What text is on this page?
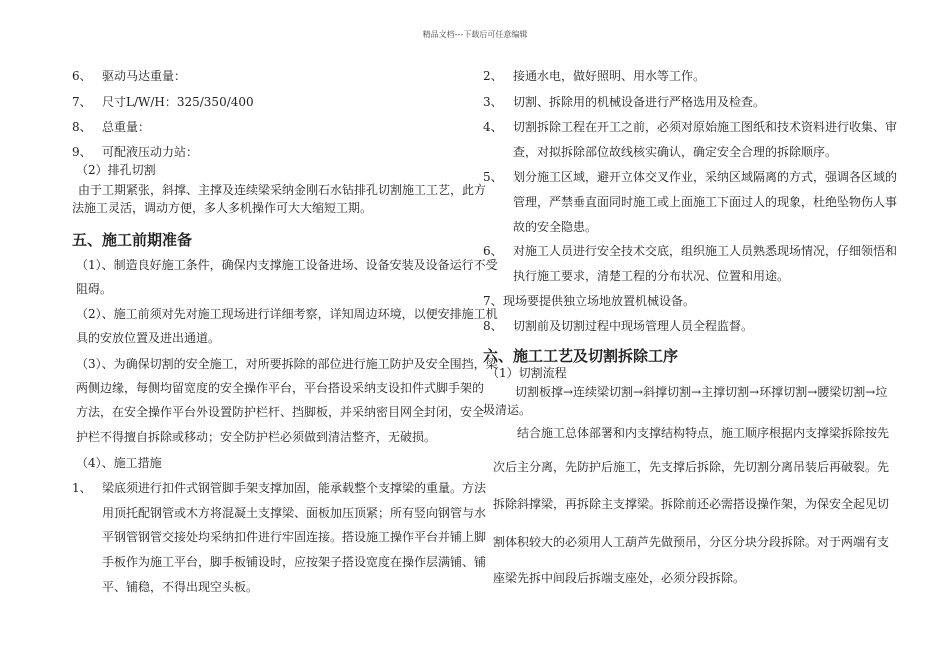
精品文档---下载后可任意编辑
6、 驱动马达重量：
7、 尺寸L/W/H：325/350/400
8、 总重量：
9、 可配液压动力站：
（2）排孔切割
由于工期紧张，斜撑、主撑及连续梁采纳金刚石水钻排孔切割施工工艺，此方
法施工灵活，调动方便，多人多机操作可大大缩短工期。
五、施工前期准备
（1）、制造良好施工条件，确保内支撑施工设备进场、设备安装及设备运行不受
阻碍。
（2）、施工前须对先对施工现场进行详细考察，详知周边环境，以便安排施工机
具的安放位置及进出通道。
（3）、为确保切割的安全施工，对所要拆除的部位进行施工防护及安全围挡，梁
两侧边缘，每侧均留宽度的安全操作平台，平台搭设采纳支设扣件式脚手架的
方法，在安全操作平台外设置防护栏杆、挡脚板，并采纳密目网全封闭，安全
护栏不得擅自拆除或移动；安全防护栏必须做到清洁整齐，无破损。
（4）、施工措施
1、 梁底须进行扣件式钢管脚手架支撑加固，能承载整个支撑梁的重量。方法
用顶托配钢管或木方将混凝土支撑梁、面板加压顶紧；所有竖向钢管与水
平钢管钢管交接处均采纳扣件进行牢固连接。搭设施工操作平台并铺上脚
手板作为施工平台，脚手板铺设时，应按架子搭设宽度在操作层满铺、铺
平、铺稳，不得出现空头板。
2、 接通水电，做好照明、用水等工作。
3、 切割、拆除用的机械设备进行严格选用及检查。
4、 切割拆除工程在开工之前，必须对原始施工图纸和技术资料进行收集、审
查，对拟拆除部位故线核实确认，确定安全合理的拆除顺序。
5、 划分施工区域，避开立体交叉作业，采纳区域隔离的方式，强调各区域的
管理，严禁垂直面同时施工或上面施工下面过人的现象，杜绝坠物伤人事
故的安全隐患。
6、 对施工人员进行安全技术交底，组织施工人员熟悉现场情况，仔细领悟和
执行施工要求，清楚工程的分布状况、位置和用途。
7、 现场要提供独立场地放置机械设备。
8、 切割前及切割过程中现场管理人员全程监督。
六、施工工艺及切割拆除工序
（1）切割流程
切割板撑→连续梁切割→斜撑切割→主撑切割→环撑切割→腰梁切割→垃
圾清运。
结合施工总体部署和内支撑结构特点，施工顺序根据内支撑梁拆除按先
次后主分离，先防护后施工，先支撑后拆除，先切割分离吊装后再破裂。先
拆除斜撑梁，再拆除主支撑梁。拆除前还必需搭设操作架，为保安全起见切
割体积较大的必须用人工葫芦先做预吊，分区分块分段拆除。对于两端有支
座梁先拆中间段后拆端支座处，必须分段拆除。
